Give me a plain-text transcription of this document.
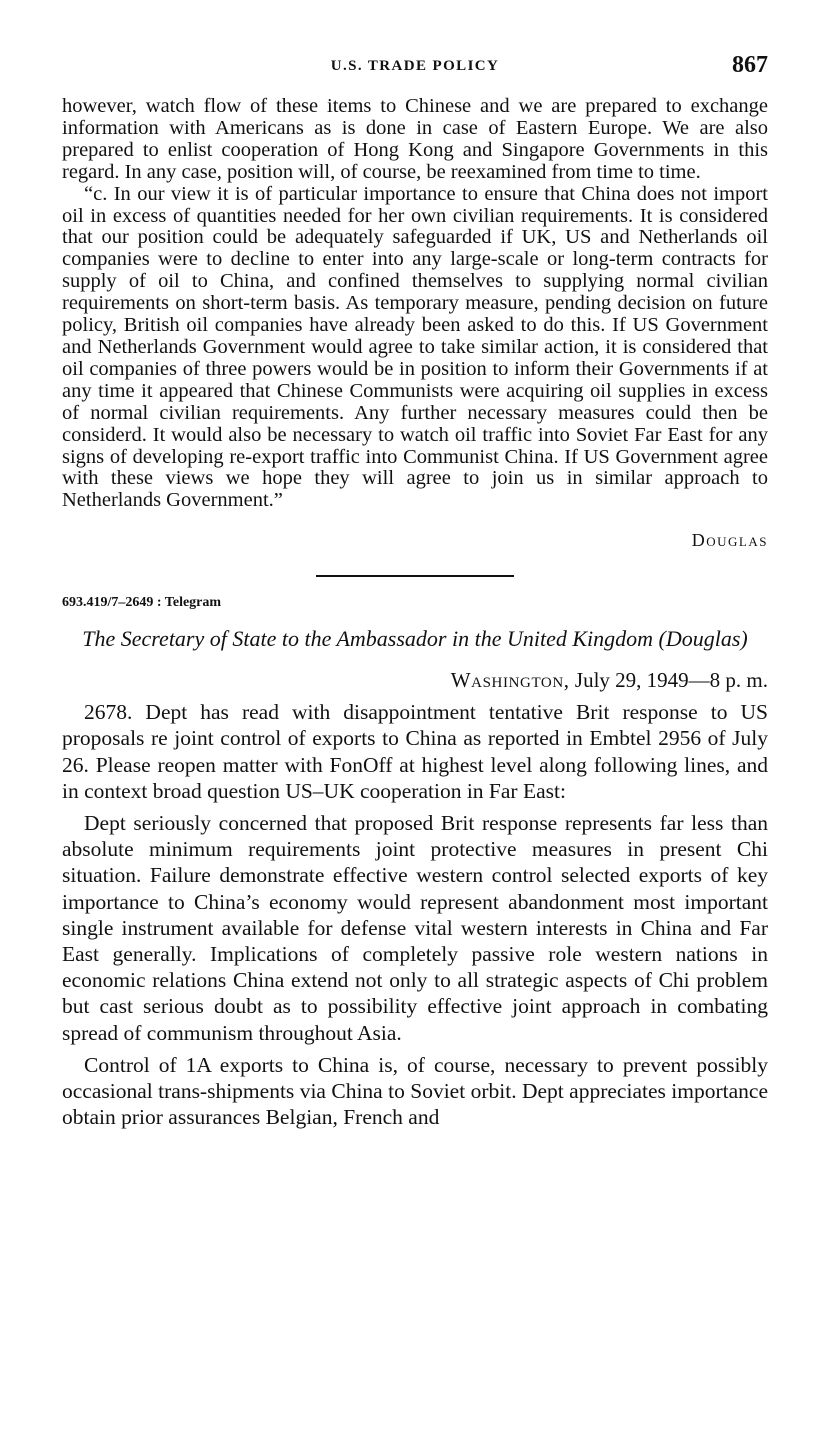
U.S. TRADE POLICY	867

however, watch flow of these items to Chinese and we are prepared to exchange information with Americans as is done in case of Eastern Europe. We are also prepared to enlist cooperation of Hong Kong and Singapore Governments in this regard. In any case, position will, of course, be reexamined from time to time.

“c. In our view it is of particular importance to ensure that China does not import oil in excess of quantities needed for her own civilian requirements. It is considered that our position could be adequately safeguarded if UK, US and Netherlands oil companies were to decline to enter into any large-scale or long-term contracts for supply of oil to China, and confined themselves to supplying normal civilian requirements on short-term basis. As temporary measure, pending decision on future policy, British oil companies have already been asked to do this. If US Government and Netherlands Government would agree to take similar action, it is considered that oil companies of three powers would be in position to inform their Governments if at any time it appeared that Chinese Communists were acquiring oil supplies in excess of normal civilian requirements. Any further necessary measures could then be considerd. It would also be necessary to watch oil traffic into Soviet Far East for any signs of developing re-export traffic into Communist China. If US Government agree with these views we hope they will agree to join us in similar approach to Netherlands Government.”

Douglas
693.419/7–2649 : Telegram
The Secretary of State to the Ambassador in the United Kingdom (Douglas)
Washington, July 29, 1949—8 p. m.

2678. Dept has read with disappointment tentative Brit response to US proposals re joint control of exports to China as reported in Embtel 2956 of July 26. Please reopen matter with FonOff at highest level along following lines, and in context broad question US–UK cooperation in Far East:

Dept seriously concerned that proposed Brit response represents far less than absolute minimum requirements joint protective measures in present Chi situation. Failure demonstrate effective western control selected exports of key importance to China’s economy would represent abandonment most important single instrument available for defense vital western interests in China and Far East generally. Implications of completely passive role western nations in economic relations China extend not only to all strategic aspects of Chi problem but cast serious doubt as to possibility effective joint approach in combating spread of communism throughout Asia.

Control of 1A exports to China is, of course, necessary to prevent possibly occasional trans-shipments via China to Soviet orbit. Dept appreciates importance obtain prior assurances Belgian, French and
